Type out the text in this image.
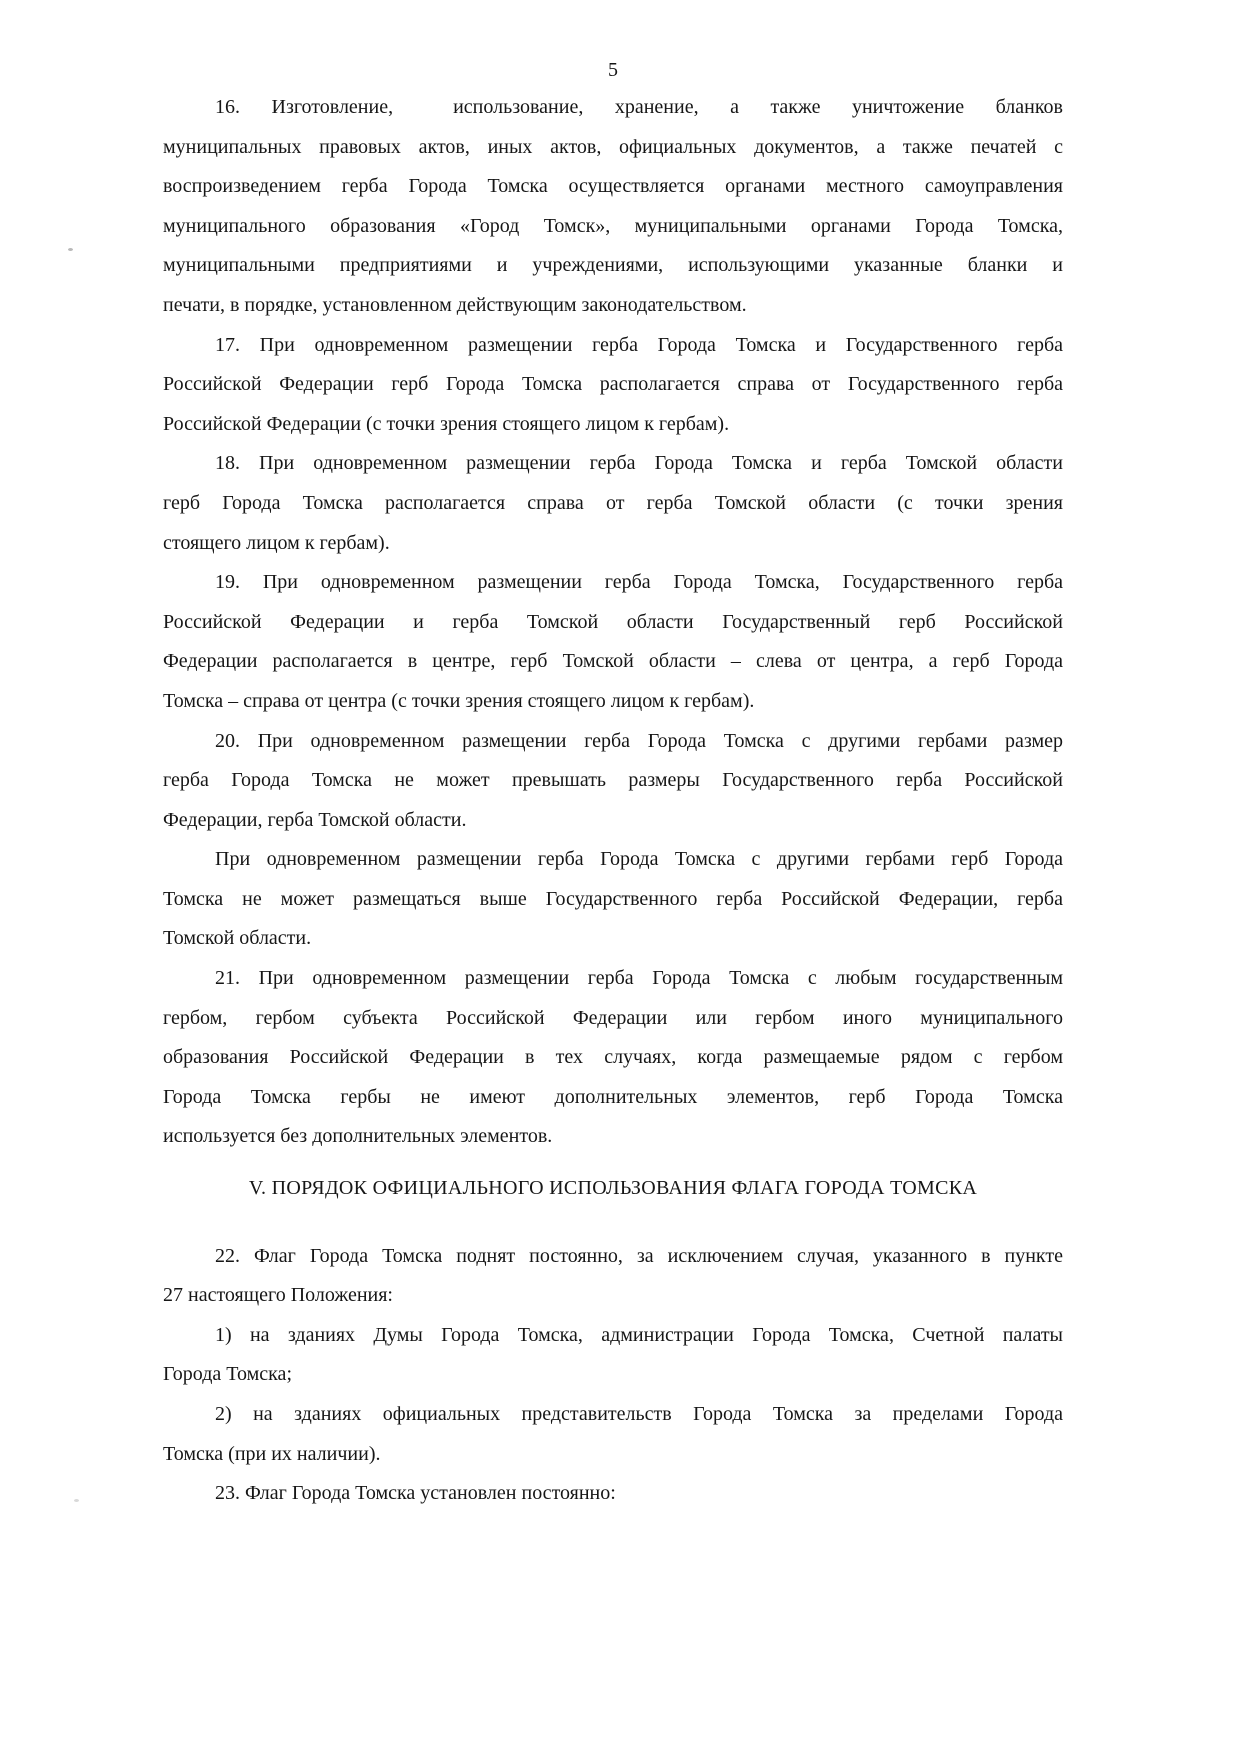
5
16. Изготовление,   использование, хранение, а также уничтожение бланков
муниципальных правовых актов, иных актов, официальных документов, а также печатей с
воспроизведением герба Города Томска осуществляется органами местного самоуправления
муниципального образования «Город Томск», муниципальными органами Города Томска,
муниципальными предприятиями и учреждениями, использующими указанные бланки и
печати, в порядке, установленном действующим законодательством.
17. При одновременном размещении герба Города Томска и Государственного герба
Российской Федерации герб Города Томска располагается справа от Государственного герба
Российской Федерации (с точки зрения стоящего лицом к гербам).
18. При одновременном размещении герба Города Томска и герба Томской области
герб Города Томска располагается справа от герба Томской области (с точки зрения
стоящего лицом к гербам).
19. При одновременном размещении герба Города Томска, Государственного герба
Российской Федерации и герба Томской области Государственный герб Российской
Федерации располагается в центре, герб Томской области – слева от центра, а герб Города
Томска – справа от центра (с точки зрения стоящего лицом к гербам).
20. При одновременном размещении герба Города Томска с другими гербами размер
герба Города Томска не может превышать размеры Государственного герба Российской
Федерации, герба Томской области.
При одновременном размещении герба Города Томска с другими гербами герб Города
Томска не может размещаться выше Государственного герба Российской Федерации, герба
Томской области.
21. При одновременном размещении герба Города Томска с любым государственным
гербом, гербом субъекта Российской Федерации или гербом иного муниципального
образования Российской Федерации в тех случаях, когда размещаемые рядом с гербом
Города Томска гербы не имеют дополнительных элементов, герб Города Томска
используется без дополнительных элементов.
V. ПОРЯДОК ОФИЦИАЛЬНОГО ИСПОЛЬЗОВАНИЯ ФЛАГА ГОРОДА ТОМСКА
22. Флаг Города Томска поднят постоянно, за исключением случая, указанного в пункте
27 настоящего Положения:
1) на зданиях Думы Города Томска, администрации Города Томска, Счетной палаты
Города Томска;
2) на зданиях официальных представительств Города Томска за пределами Города
Томска (при их наличии).
23. Флаг Города Томска установлен постоянно:
